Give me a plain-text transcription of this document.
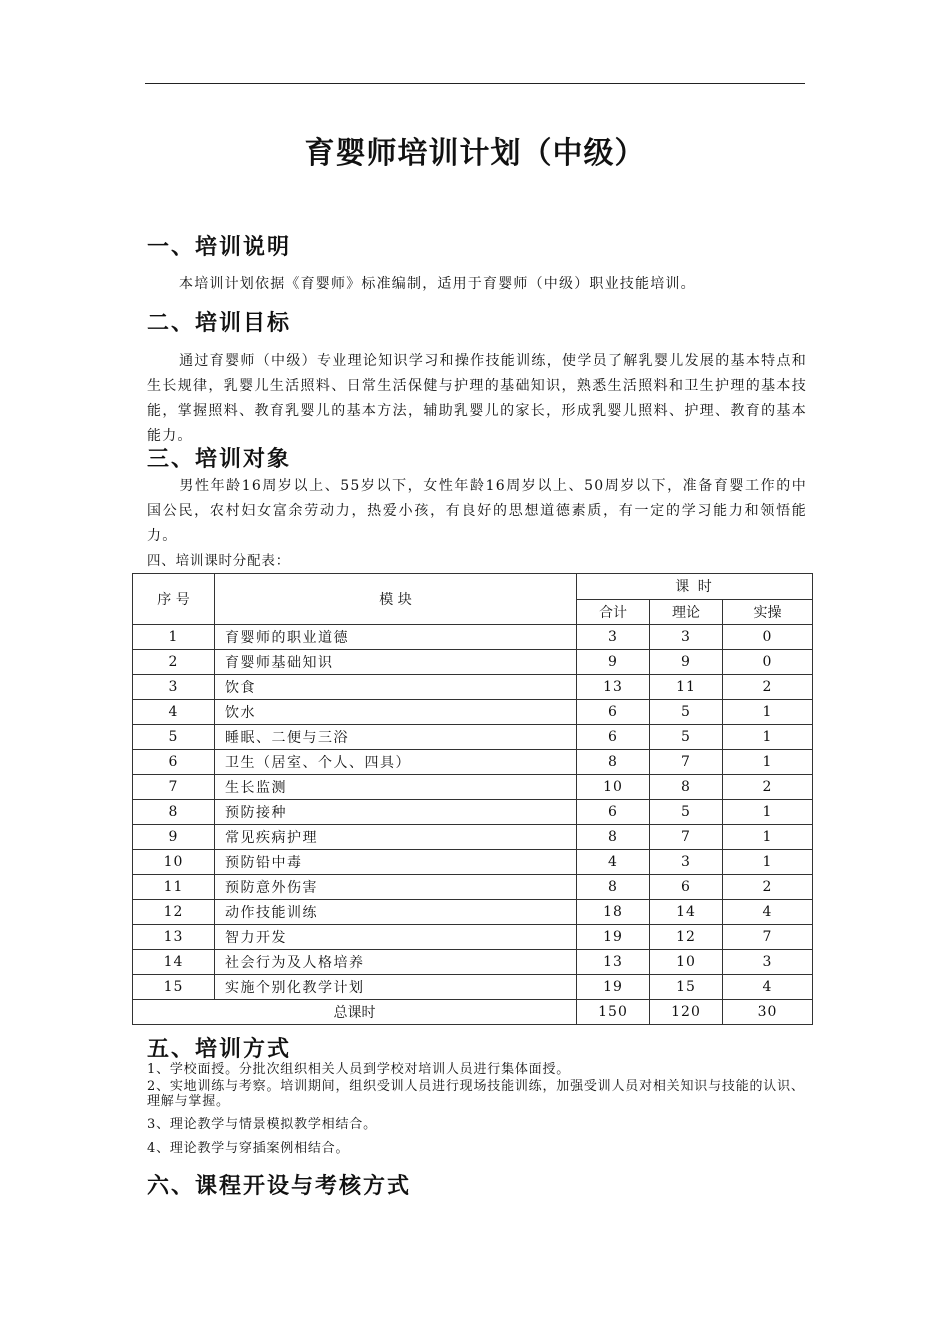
育婴师培训计划（中级）
一、培训说明
本培训计划依据《育婴师》标准编制，适用于育婴师（中级）职业技能培训。
二、培训目标
通过育婴师（中级）专业理论知识学习和操作技能训练，使学员了解乳婴儿发展的基本特点和生长规律，乳婴儿生活照料、日常生活保健与护理的基础知识，熟悉生活照料和卫生护理的基本技能，掌握照料、教育乳婴儿的基本方法，辅助乳婴儿的家长，形成乳婴儿照料、护理、教育的基本能力。
三、培训对象
男性年龄16周岁以上、55岁以下，女性年龄16周岁以上、50周岁以下，准备育婴工作的中国公民，农村妇女富余劳动力，热爱小孩，有良好的思想道德素质，有一定的学习能力和领悟能力。
四、培训课时分配表：
序 号	模 块	课 时		
		合计	理论	实操
1	育婴师的职业道德	3	3	0
2	育婴师基础知识	9	9	0
3	饮食	13	11	2
4	饮水	6	5	1
5	睡眠、二便与三浴	6	5	1
6	卫生（居室、个人、四具）	8	7	1
7	生长监测	10	8	2
8	预防接种	6	5	1
9	常见疾病护理	8	7	1
10	预防铅中毒	4	3	1
11	预防意外伤害	8	6	2
12	动作技能训练	18	14	4
13	智力开发	19	12	7
14	社会行为及人格培养	13	10	3
15	实施个别化教学计划	19	15	4
总课时		150	120	30
五、培训方式
1、学校面授。分批次组织相关人员到学校对培训人员进行集体面授。
2、实地训练与考察。培训期间，组织受训人员进行现场技能训练，加强受训人员对相关知识与技能的认识、理解与掌握。
3、理论教学与情景模拟教学相结合。
4、理论教学与穿插案例相结合。
六、课程开设与考核方式
